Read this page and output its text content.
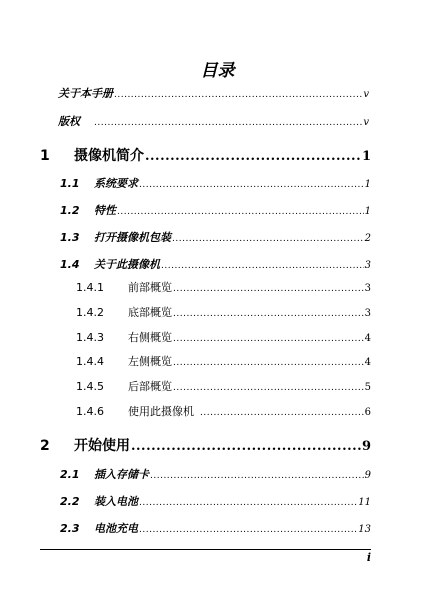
目录
关于本手册 .....	v
版权 .....	v
1	摄像机简介 .....	1
1.1	系统要求 .....	1
1.2	特性 .....	1
1.3	打开摄像机包装 .....	2
1.4	关于此摄像机 .....	3
1.4.1	前部概览 .....	3
1.4.2	底部概览 .....	3
1.4.3	右侧概览 .....	4
1.4.4	左侧概览 .....	4
1.4.5	后部概览 .....	5
1.4.6	使用此摄像机 .....	6
2	开始使用 .....	9
2.1	插入存储卡 .....	9
2.2	装入电池 .....	11
2.3	电池充电 .....	13
i
